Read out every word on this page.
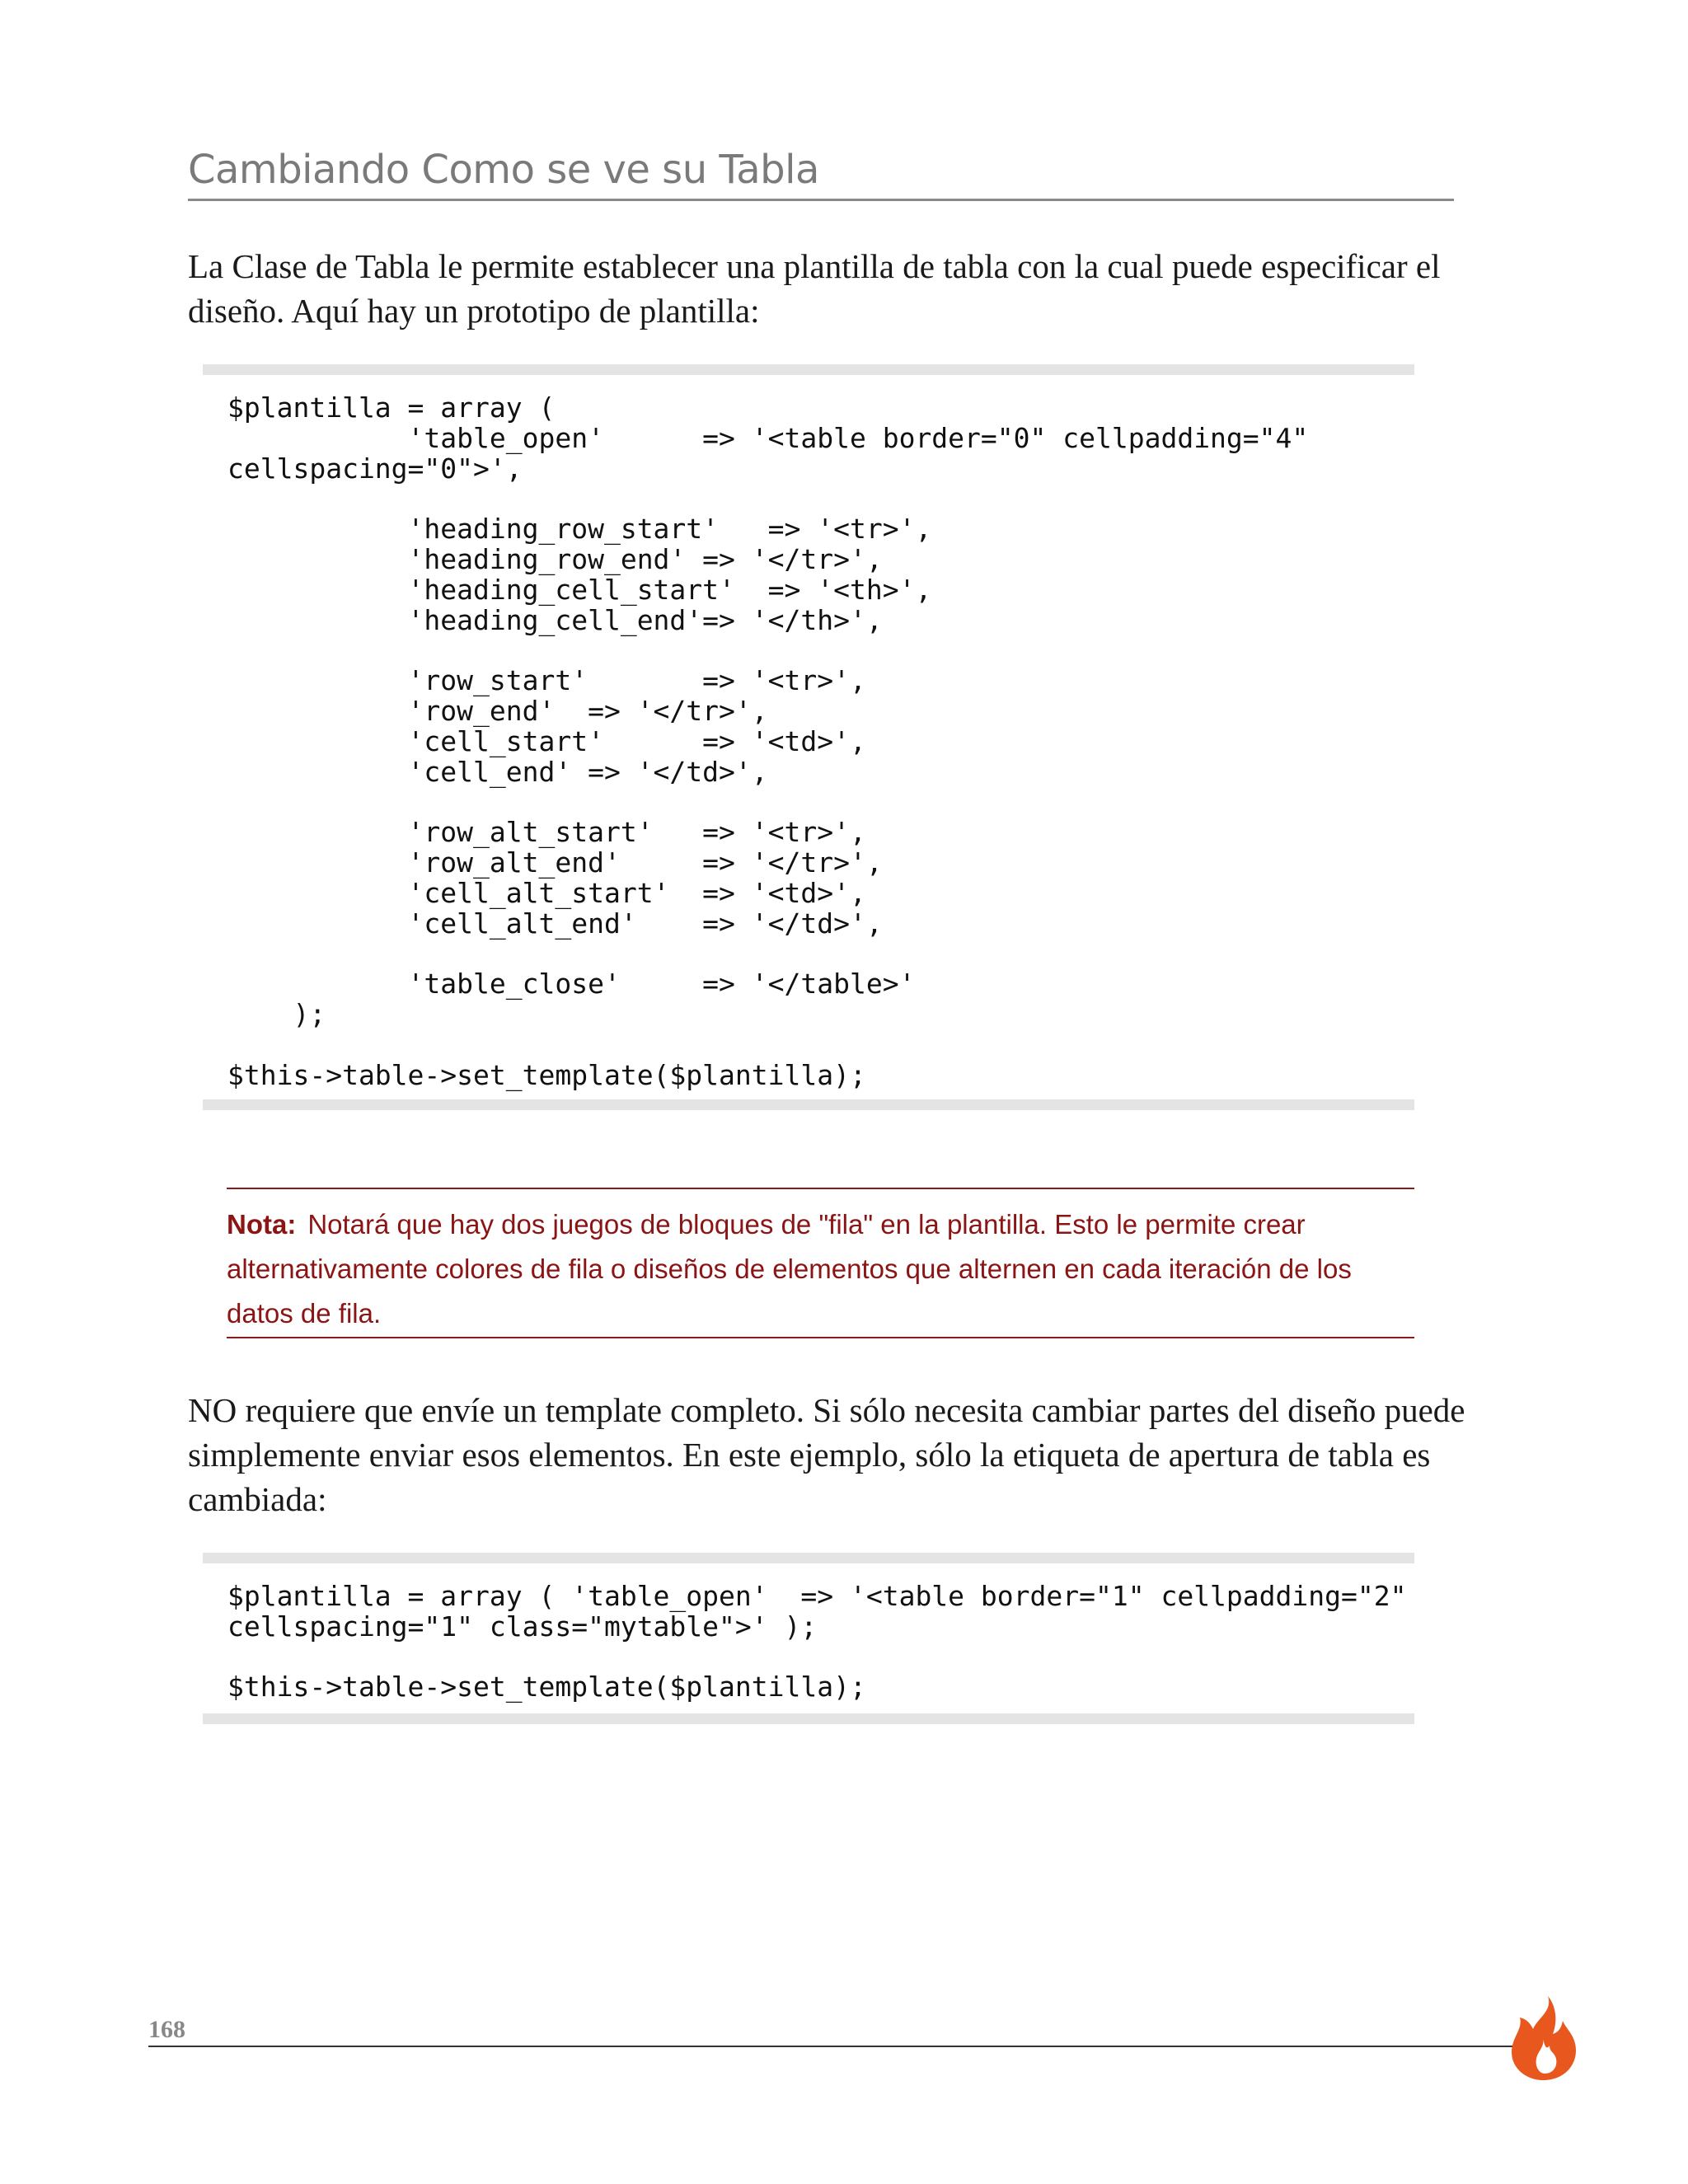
Cambiando Como se ve su Tabla
La Clase de Tabla le permite establecer una plantilla de tabla con la cual puede especificar el diseño. Aquí hay un prototipo de plantilla:
$plantilla = array (
'table_open'      => '<table border="0" cellpadding="4"
cellspacing="0">',

'heading_row_start'   => '<tr>',
'heading_row_end' => '</tr>',
'heading_cell_start'  => '<th>',
'heading_cell_end'=> '</th>',

'row_start'       => '<tr>',
'row_end'  => '</tr>',
'cell_start'      => '<td>',
'cell_end' => '</td>',

'row_alt_start'   => '<tr>',
'row_alt_end'     => '</tr>',
'cell_alt_start'  => '<td>',
'cell_alt_end'    => '</td>',

'table_close'     => '</table>'
);

$this->table->set_template($plantilla);
Nota: Notará que hay dos juegos de bloques de "fila" en la plantilla. Esto le permite crear alternativamente colores de fila o diseños de elementos que alternen en cada iteración de los datos de fila.
NO requiere que envíe un template completo. Si sólo necesita cambiar partes del diseño puede simplemente enviar esos elementos. En este ejemplo, sólo la etiqueta de apertura de tabla es cambiada:
$plantilla = array ( 'table_open'  => '<table border="1" cellpadding="2"
cellspacing="1" class="mytable">' );

$this->table->set_template($plantilla);
168
